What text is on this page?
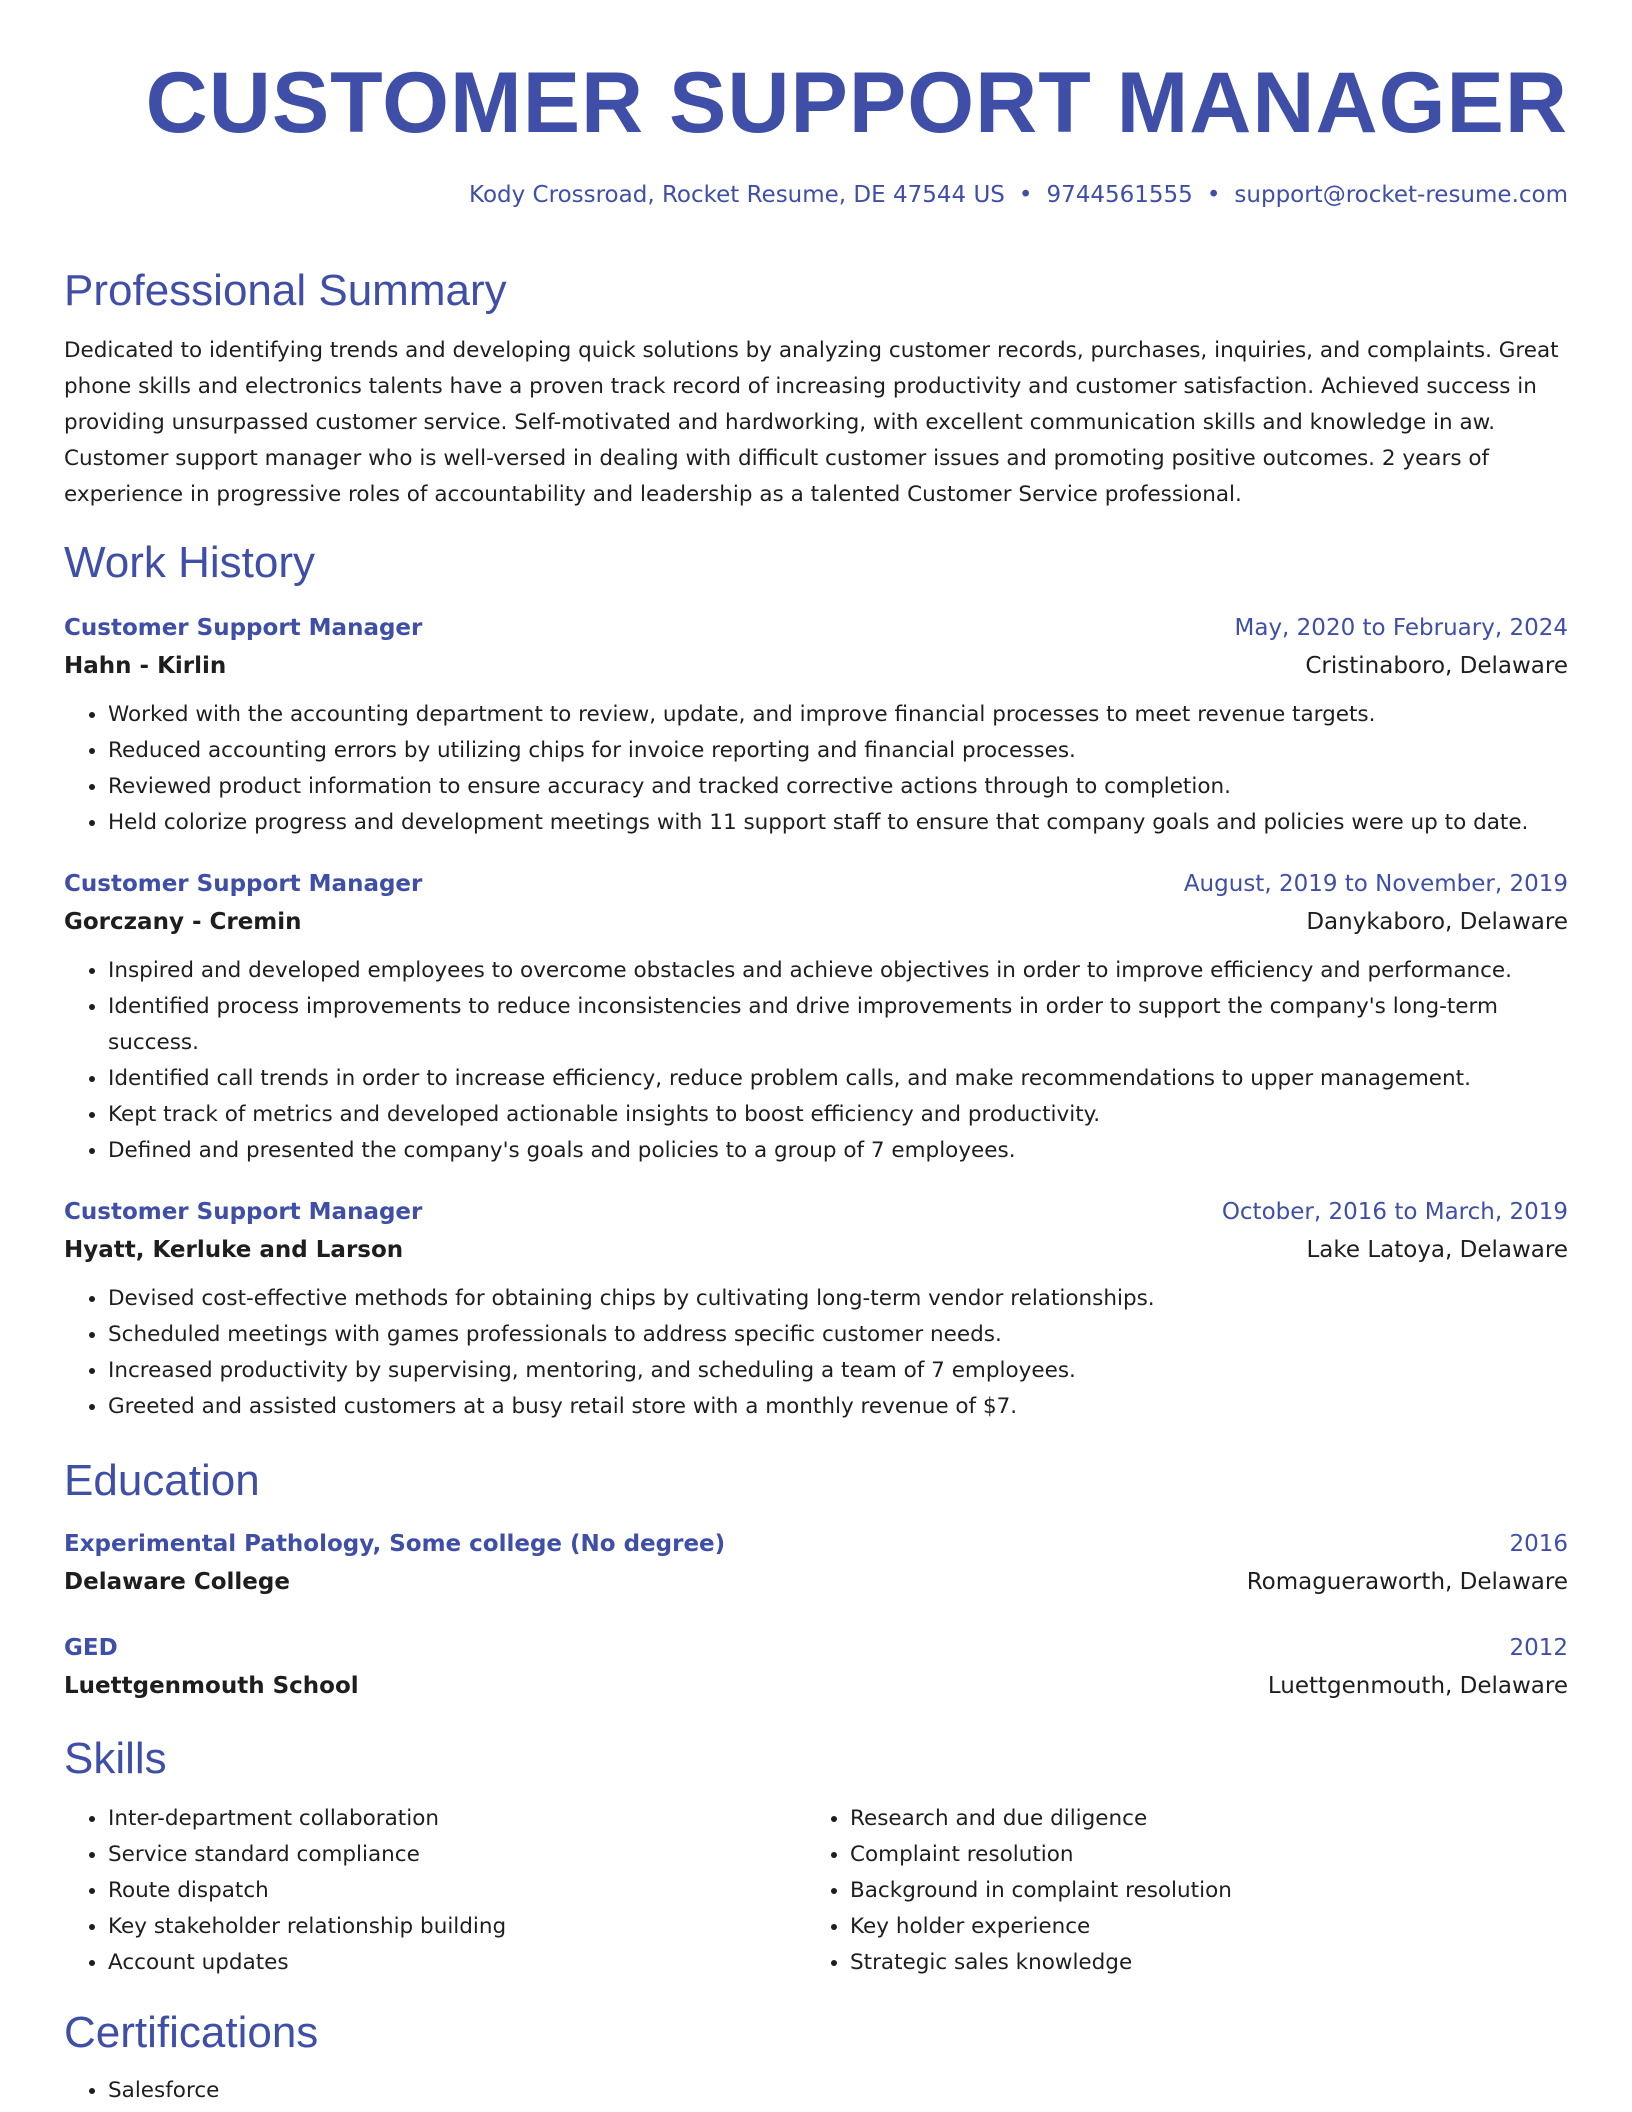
CUSTOMER SUPPORT MANAGER
Kody Crossroad, Rocket Resume, DE 47544 US • 9744561555 • support@rocket-resume.com
Professional Summary
Dedicated to identifying trends and developing quick solutions by analyzing customer records, purchases, inquiries, and complaints. Great phone skills and electronics talents have a proven track record of increasing productivity and customer satisfaction. Achieved success in providing unsurpassed customer service. Self-motivated and hardworking, with excellent communication skills and knowledge in aw. Customer support manager who is well-versed in dealing with difficult customer issues and promoting positive outcomes. 2 years of experience in progressive roles of accountability and leadership as a talented Customer Service professional.
Work History
Customer Support Manager	May, 2020 to February, 2024
Hahn - Kirlin	Cristinaboro, Delaware
• Worked with the accounting department to review, update, and improve financial processes to meet revenue targets.
• Reduced accounting errors by utilizing chips for invoice reporting and financial processes.
• Reviewed product information to ensure accuracy and tracked corrective actions through to completion.
• Held colorize progress and development meetings with 11 support staff to ensure that company goals and policies were up to date.
Customer Support Manager	August, 2019 to November, 2019
Gorczany - Cremin	Danykaboro, Delaware
• Inspired and developed employees to overcome obstacles and achieve objectives in order to improve efficiency and performance.
• Identified process improvements to reduce inconsistencies and drive improvements in order to support the company's long-term success.
• Identified call trends in order to increase efficiency, reduce problem calls, and make recommendations to upper management.
• Kept track of metrics and developed actionable insights to boost efficiency and productivity.
• Defined and presented the company's goals and policies to a group of 7 employees.
Customer Support Manager	October, 2016 to March, 2019
Hyatt, Kerluke and Larson	Lake Latoya, Delaware
• Devised cost-effective methods for obtaining chips by cultivating long-term vendor relationships.
• Scheduled meetings with games professionals to address specific customer needs.
• Increased productivity by supervising, mentoring, and scheduling a team of 7 employees.
• Greeted and assisted customers at a busy retail store with a monthly revenue of $7.
Education
Experimental Pathology, Some college (No degree)	2016
Delaware College	Romagueraworth, Delaware
GED	2012
Luettgenmouth School	Luettgenmouth, Delaware
Skills
• Inter-department collaboration
• Service standard compliance
• Route dispatch
• Key stakeholder relationship building
• Account updates
• Research and due diligence
• Complaint resolution
• Background in complaint resolution
• Key holder experience
• Strategic sales knowledge
Certifications
• Salesforce
